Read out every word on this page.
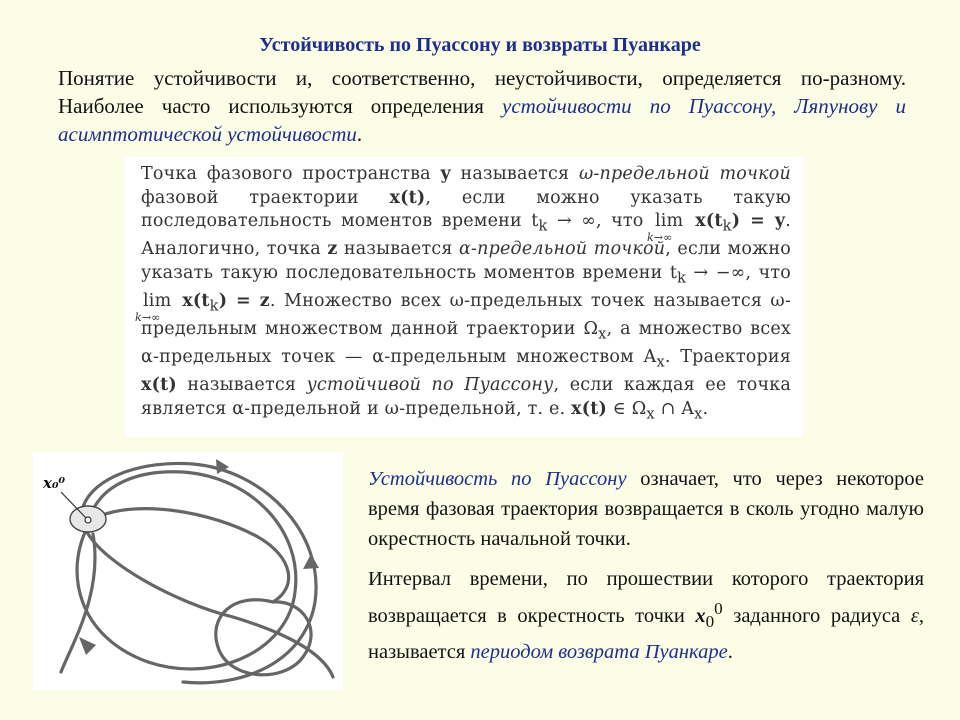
Устойчивость по Пуассону и возвраты Пуанкаре
Понятие устойчивости и, соответственно, неустойчивости, определяется по-разному. Наиболее часто используются определения устойчивости по Пуассону, Ляпунову и асимптотической устойчивости.
Точка фазового пространства y называется ω-предельной точкой фазовой траектории x(t), если можно указать такую последовательность моментов времени $t_k$ → ∞, что lim
k→∞
$x(t_k) = y$. Аналогично, точка z называется α-предельной точкой, если можно указать такую последовательность моментов времени $t_k$ → −∞, что lim
k→∞
$x(t_k) = z$. Множество всех ω-предельных точек называется ω-предельным множеством данной траектории $\Omega_x$, а множество всех α-предельных точек — α-предельным множеством $A_x$. Траектория x(t) называется устойчивой по Пуассону, если каждая ее точка является α-предельной и ω-предельной, т. е. x(t) ∈ $\Omega_x$ ∩ $A_x$.
x₀⁰	Устойчивость по Пуассону означает, что через некоторое время фазовая траектория возвращается в сколь угодно малую окрестность начальной точки.

Интервал времени, по прошествии которого траектория возвращается в окрестность точки $x_0^0$ заданного радиуса ε, называется периодом возврата Пуанкаре.
